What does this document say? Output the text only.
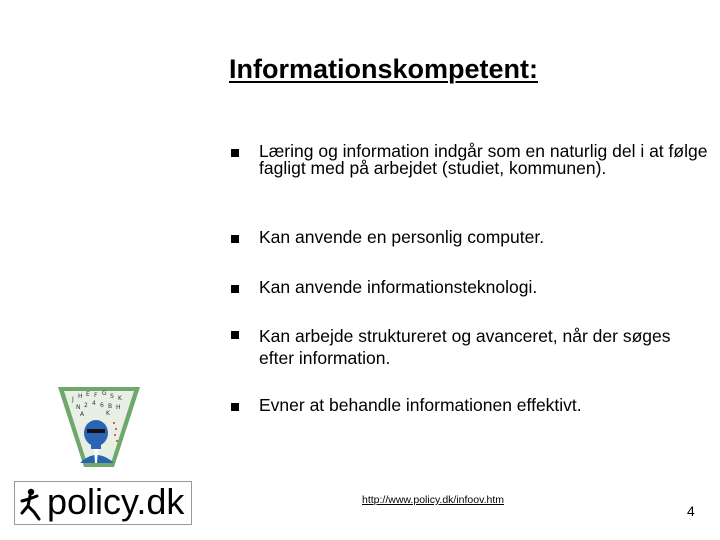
Informationskompetent:
Læring og information indgår som en naturlig del i at følge fagligt med på arbejdet (studiet, kommunen).
Kan anvende en personlig computer.
Kan anvende informationsteknologi.
Kan arbejde struktureret og avanceret, når der søges efter information.
Evner at behandle informationen effektivt.
J H E F G S K
N 2 4 6 B H
A	K
policy.dk	http://www.policy.dk/infoov.htm
4
